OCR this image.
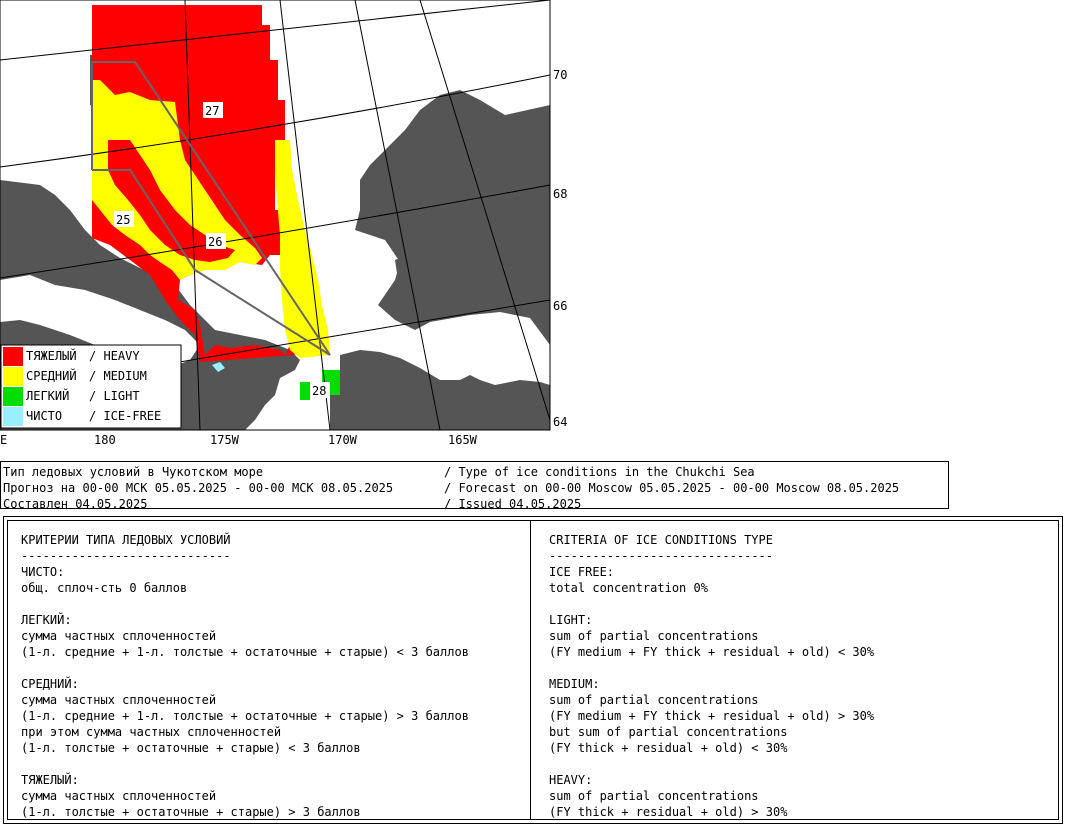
27
25
26
28
70
68
66
64
E	180	175W	170W	165W
ТЯЖЕЛЫЙ / HEAVY
СРЕДНИЙ / MEDIUM
ЛЕГКИЙ / LIGHT
ЧИСТО / ICE-FREE

Тип ледовых условий в Чукотском море

	/ Type of ice conditions in the Chukchi Sea

Прогноз на 00-00 МСК 05.05.2025 - 00-00 МСК 08.05.2025

	/ Forecast on 00-00 Moscow 05.05.2025 - 00-00 Moscow 08.05.2025

Составлен 04.05.2025

	/ Issued 04.05.2025

КРИТЕРИИ ТИПА ЛЕДОВЫХ УСЛОВИЙ
-----------------------------
ЧИСТО:
общ. сплоч-сть 0 баллов
ЛЕГКИЙ:
сумма частных сплоченностей
(1-л. средние + 1-л. толстые + остаточные + старые) < 3 баллов
СРЕДНИЙ:
сумма частных сплоченностей
(1-л. средние + 1-л. толстые + остаточные + старые) > 3 баллов
при этом сумма частных сплоченностей
(1-л. толстые + остаточные + старые) < 3 баллов
ТЯЖЕЛЫЙ:
сумма частных сплоченностей
(1-л. толстые + остаточные + старые) > 3 баллов
CRITERIA OF ICE CONDITIONS TYPE
-------------------------------
ICE FREE:
total concentration 0%
LIGHT:
sum of partial concentrations
(FY medium + FY thick + residual + old) < 30%
MEDIUM:
sum of partial concentrations
(FY medium + FY thick + residual + old) > 30%
but sum of partial concentrations
(FY thick + residual + old) < 30%
HEAVY:
sum of partial concentrations
(FY thick + residual + old) > 30%
